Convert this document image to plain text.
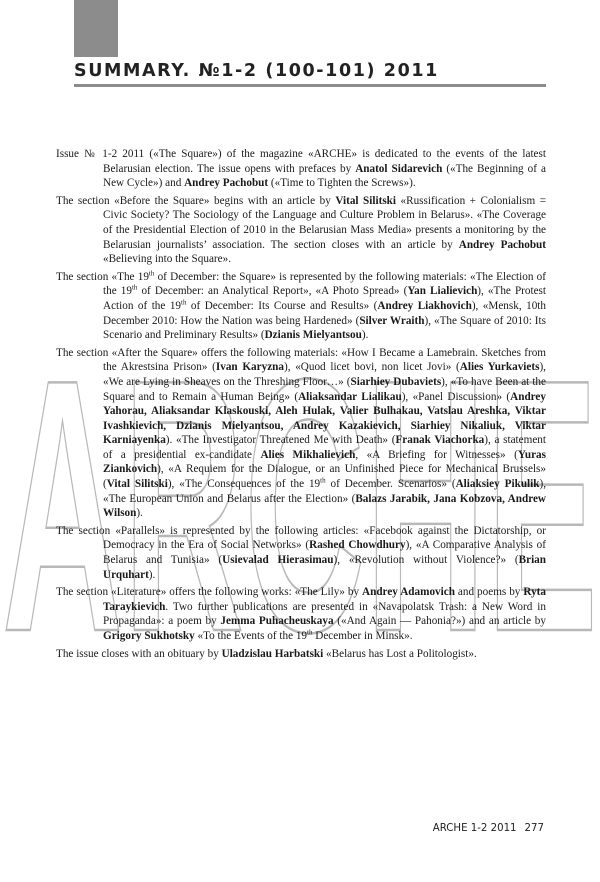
SUMMARY. №1-2 (100-101) 2011
ARCHE

Issue № 1-2 2011 («The Square») of the magazine «ARCHE» is dedicated to the events of the latest Belarusian election. The issue opens with prefaces by Anatol Sidarevich («The Beginning of a New Cycle») and Andrey Pachobut («Time to Tighten the Screws»).

The section «Before the Square» begins with an article by Vital Silitski «Russification + Colonialism = Civic Society? The Sociology of the Language and Culture Problem in Belarus». «The Coverage of the Presidential Election of 2010 in the Belarusian Mass Media» presents a monitoring by the Belarusian journalists’ association. The section closes with an article by Andrey Pachobut «Believing into the Square».

The section «The 19th of December: the Square» is represented by the following materials: «The Election of the 19th of December: an Analytical Report», «A Photo Spread» (Yan Lialievich), «The Protest Action of the 19th of December: Its Course and Results» (Andrey Liakhovich), «Mensk, 10th December 2010: How the Nation was being Hardened» (Silver Wraith), «The Square of 2010: Its Scenario and Preliminary Results» (Dzianis Mielyantsou).

The section «After the Square» offers the following materials: «How I Became a Lamebrain. Sketches from the Akrestsina Prison» (Ivan Karyzna), «Quod licet bovi, non licet Jovi» (Alies Yurkaviets), «We are Lying in Sheaves on the Threshing Floor…» (Siarhiey Dubaviets), «To have Been at the Square and to Remain a Human Being» (Aliaksandar Lialikau), «Panel Discussion» (Andrey Yahorau, Aliaksandar Klaskouski, Aleh Hulak, Valier Bulhakau, Vatslau Areshka, Viktar Ivashkievich, Dzianis Mielyantsou, Andrey Kazakievich, Siarhiey Nikaliuk, Viktar Karniayenka). «The Investigator Threatened Me with Death» (Franak Viachorka), a statement of a presidential ex-candidate Alies Mikhalievich, «A Briefing for Witnesses» (Yuras Ziankovich), «A Requiem for the Dialogue, or an Unfinished Piece for Mechanical Brussels» (Vital Silitski), «The Consequences of the 19th of December. Scenarios» (Aliaksiey Pikulik), «The European Union and Belarus after the Election» (Balazs Jarabik, Jana Kobzova, Andrew Wilson).

The section «Parallels» is represented by the following articles: «Facebook against the Dictatorship, or Democracy in the Era of Social Networks» (Rashed Chowdhury), «A Comparative Analysis of Belarus and Tunisia» (Usievalad Hierasimau), «Revolution without Violence?» (Brian Urquhart).

The section «Literature» offers the following works: «The Lily» by Andrey Adamovich and poems by Ryta Taraykievich. Two further publications are presented in «Navapolatsk Trash: a New Word in Propaganda»: a poem by Jemma Puhacheuskaya («And Again — Pahonia?») and an article by Grigory Sukhotsky «To the Events of the 19th December in Minsk».

The issue closes with an obituary by Uladzislau Harbatski «Belarus has Lost a Politologist».

ARCHE 1-2 2011 277
